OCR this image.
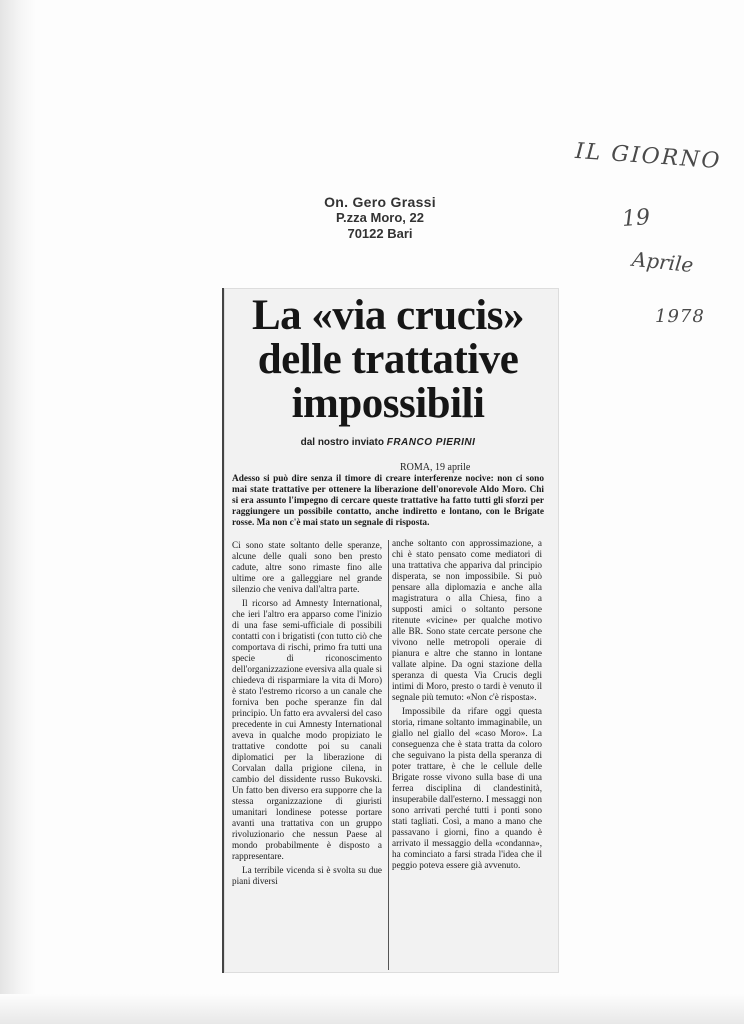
On. Gero Grassi
P.zza Moro, 22
70122 Bari
IL GIORNO
19
Aprile
1978
La «via crucis»
delle trattative
impossibili
dal nostro inviato FRANCO PIERINI
ROMA, 19 aprile
Adesso si può dire senza il timore di creare interferenze nocive: non ci sono mai state trattative per ottenere la liberazione dell'onorevole Aldo Moro. Chi si era assunto l'impegno di cercare queste trattative ha fatto tutti gli sforzi per raggiungere un possibile contatto, anche indiretto e lontano, con le Brigate rosse. Ma non c'è mai stato un segnale di risposta.

Ci sono state soltanto delle speranze, alcune delle quali sono ben presto cadute, altre sono rimaste fino alle ultime ore a galleggiare nel grande silenzio che veniva dall'altra parte.

Il ricorso ad Amnesty International, che ieri l'altro era apparso come l'inizio di una fase semi-ufficiale di possibili contatti con i brigatisti (con tutto ciò che comportava di rischi, primo fra tutti una specie di riconoscimento dell'organizzazione eversiva alla quale si chiedeva di risparmiare la vita di Moro) è stato l'estremo ricorso a un canale che forniva ben poche speranze fin dal principio. Un fatto era avvalersi del caso precedente in cui Amnesty International aveva in qualche modo propiziato le trattative condotte poi su canali diplomatici per la liberazione di Corvalan dalla prigione cilena, in cambio del dissidente russo Bukovski. Un fatto ben diverso era supporre che la stessa organizzazione di giuristi umanitari londinese potesse portare avanti una trattativa con un gruppo rivoluzionario che nessun Paese al mondo probabilmente è disposto a rappresentare.

La terribile vicenda si è svolta su due piani diversi

anche soltanto con approssimazione, a chi è stato pensato come mediatori di una trattativa che appariva dal principio disperata, se non impossibile. Si può pensare alla diplomazia e anche alla magistratura o alla Chiesa, fino a supposti amici o soltanto persone ritenute «vicine» per qualche motivo alle BR. Sono state cercate persone che vivono nelle metropoli operaie di pianura e altre che stanno in lontane vallate alpine. Da ogni stazione della speranza di questa Via Crucis degli intimi di Moro, presto o tardi è venuto il segnale più temuto: «Non c'è risposta».

Impossibile da rifare oggi questa storia, rimane soltanto immaginabile, un giallo nel giallo del «caso Moro». La conseguenza che è stata tratta da coloro che seguivano la pista della speranza di poter trattare, è che le cellule delle Brigate rosse vivono sulla base di una ferrea disciplina di clandestinità, insuperabile dall'esterno. I messaggi non sono arrivati perché tutti i ponti sono stati tagliati. Così, a mano a mano che passavano i giorni, fino a quando è arrivato il messaggio della «condanna», ha cominciato a farsi strada l'idea che il peggio poteva essere già avvenuto.
